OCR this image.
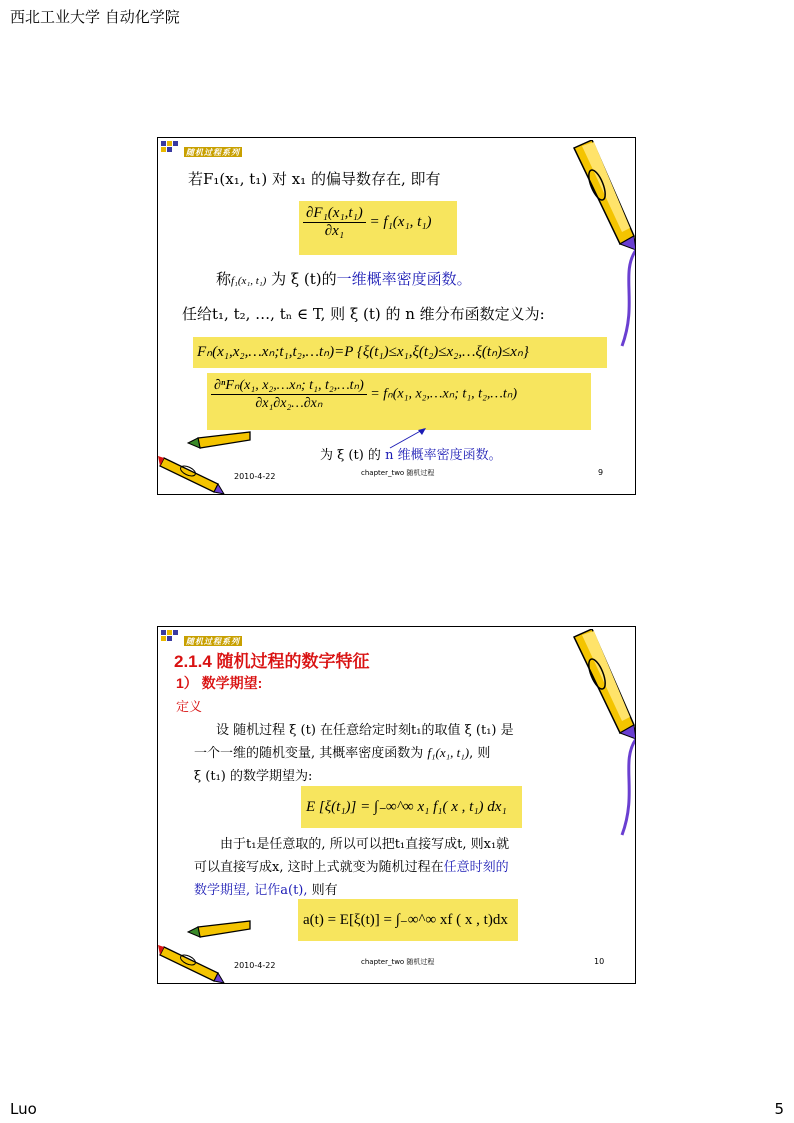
西北工业大学 自动化学院
随机过程系列
若F₁(x₁, t₁) 对 x₁ 的偏导数存在, 即有
$\frac{\text{∂F₁(x₁,t₁)}}{\text{∂x₁}} = f_1(x_1$, t₁)
称f₁(x₁, t₁) 为 ξ (t)的一维概率密度函数。
任给t₁, t₂, …, tₙ ∈ T, 则 ξ (t) 的 n 维分布函数定义为:
Fₙ(x₁,x₂,…xₙ;t₁,t₂,…tₙ)=P {ξ(t₁)≤x₁,ξ(t₂)≤x₂,…ξ(tₙ)≤xₙ}
$\frac{\text{∂ⁿFₙ(x₁, x₂,…xₙ; t₁, t₂,…tₙ)}}{\text{∂x₁∂x₂…∂xₙ}} = f_n(x_1$, x₂,…xₙ; t₁, t₂,…tₙ)
为 ξ (t) 的 n 维概率密度函数。
2010-4-22	chapter_two 随机过程	9
随机过程系列
2.1.4 随机过程的数字特征
1） 数学期望:
定义
设 随机过程 ξ (t) 在任意给定时刻t₁的取值 ξ (t₁) 是
一个一维的随机变量, 其概率密度函数为 f₁(x₁, t₁), 则
ξ (t₁) 的数学期望为:
E [ξ(t₁)] = ∫₋∞^∞ x₁ f₁( x , t₁) dx₁
由于t₁是任意取的, 所以可以把t₁直接写成t, 则x₁就
可以直接写成x, 这时上式就变为随机过程在任意时刻的
数学期望, 记作a(t), 则有
a(t) = E[ξ(t)] = ∫₋∞^∞ xf ( x , t)dx
2010-4-22	chapter_two 随机过程	10
Luo	5
